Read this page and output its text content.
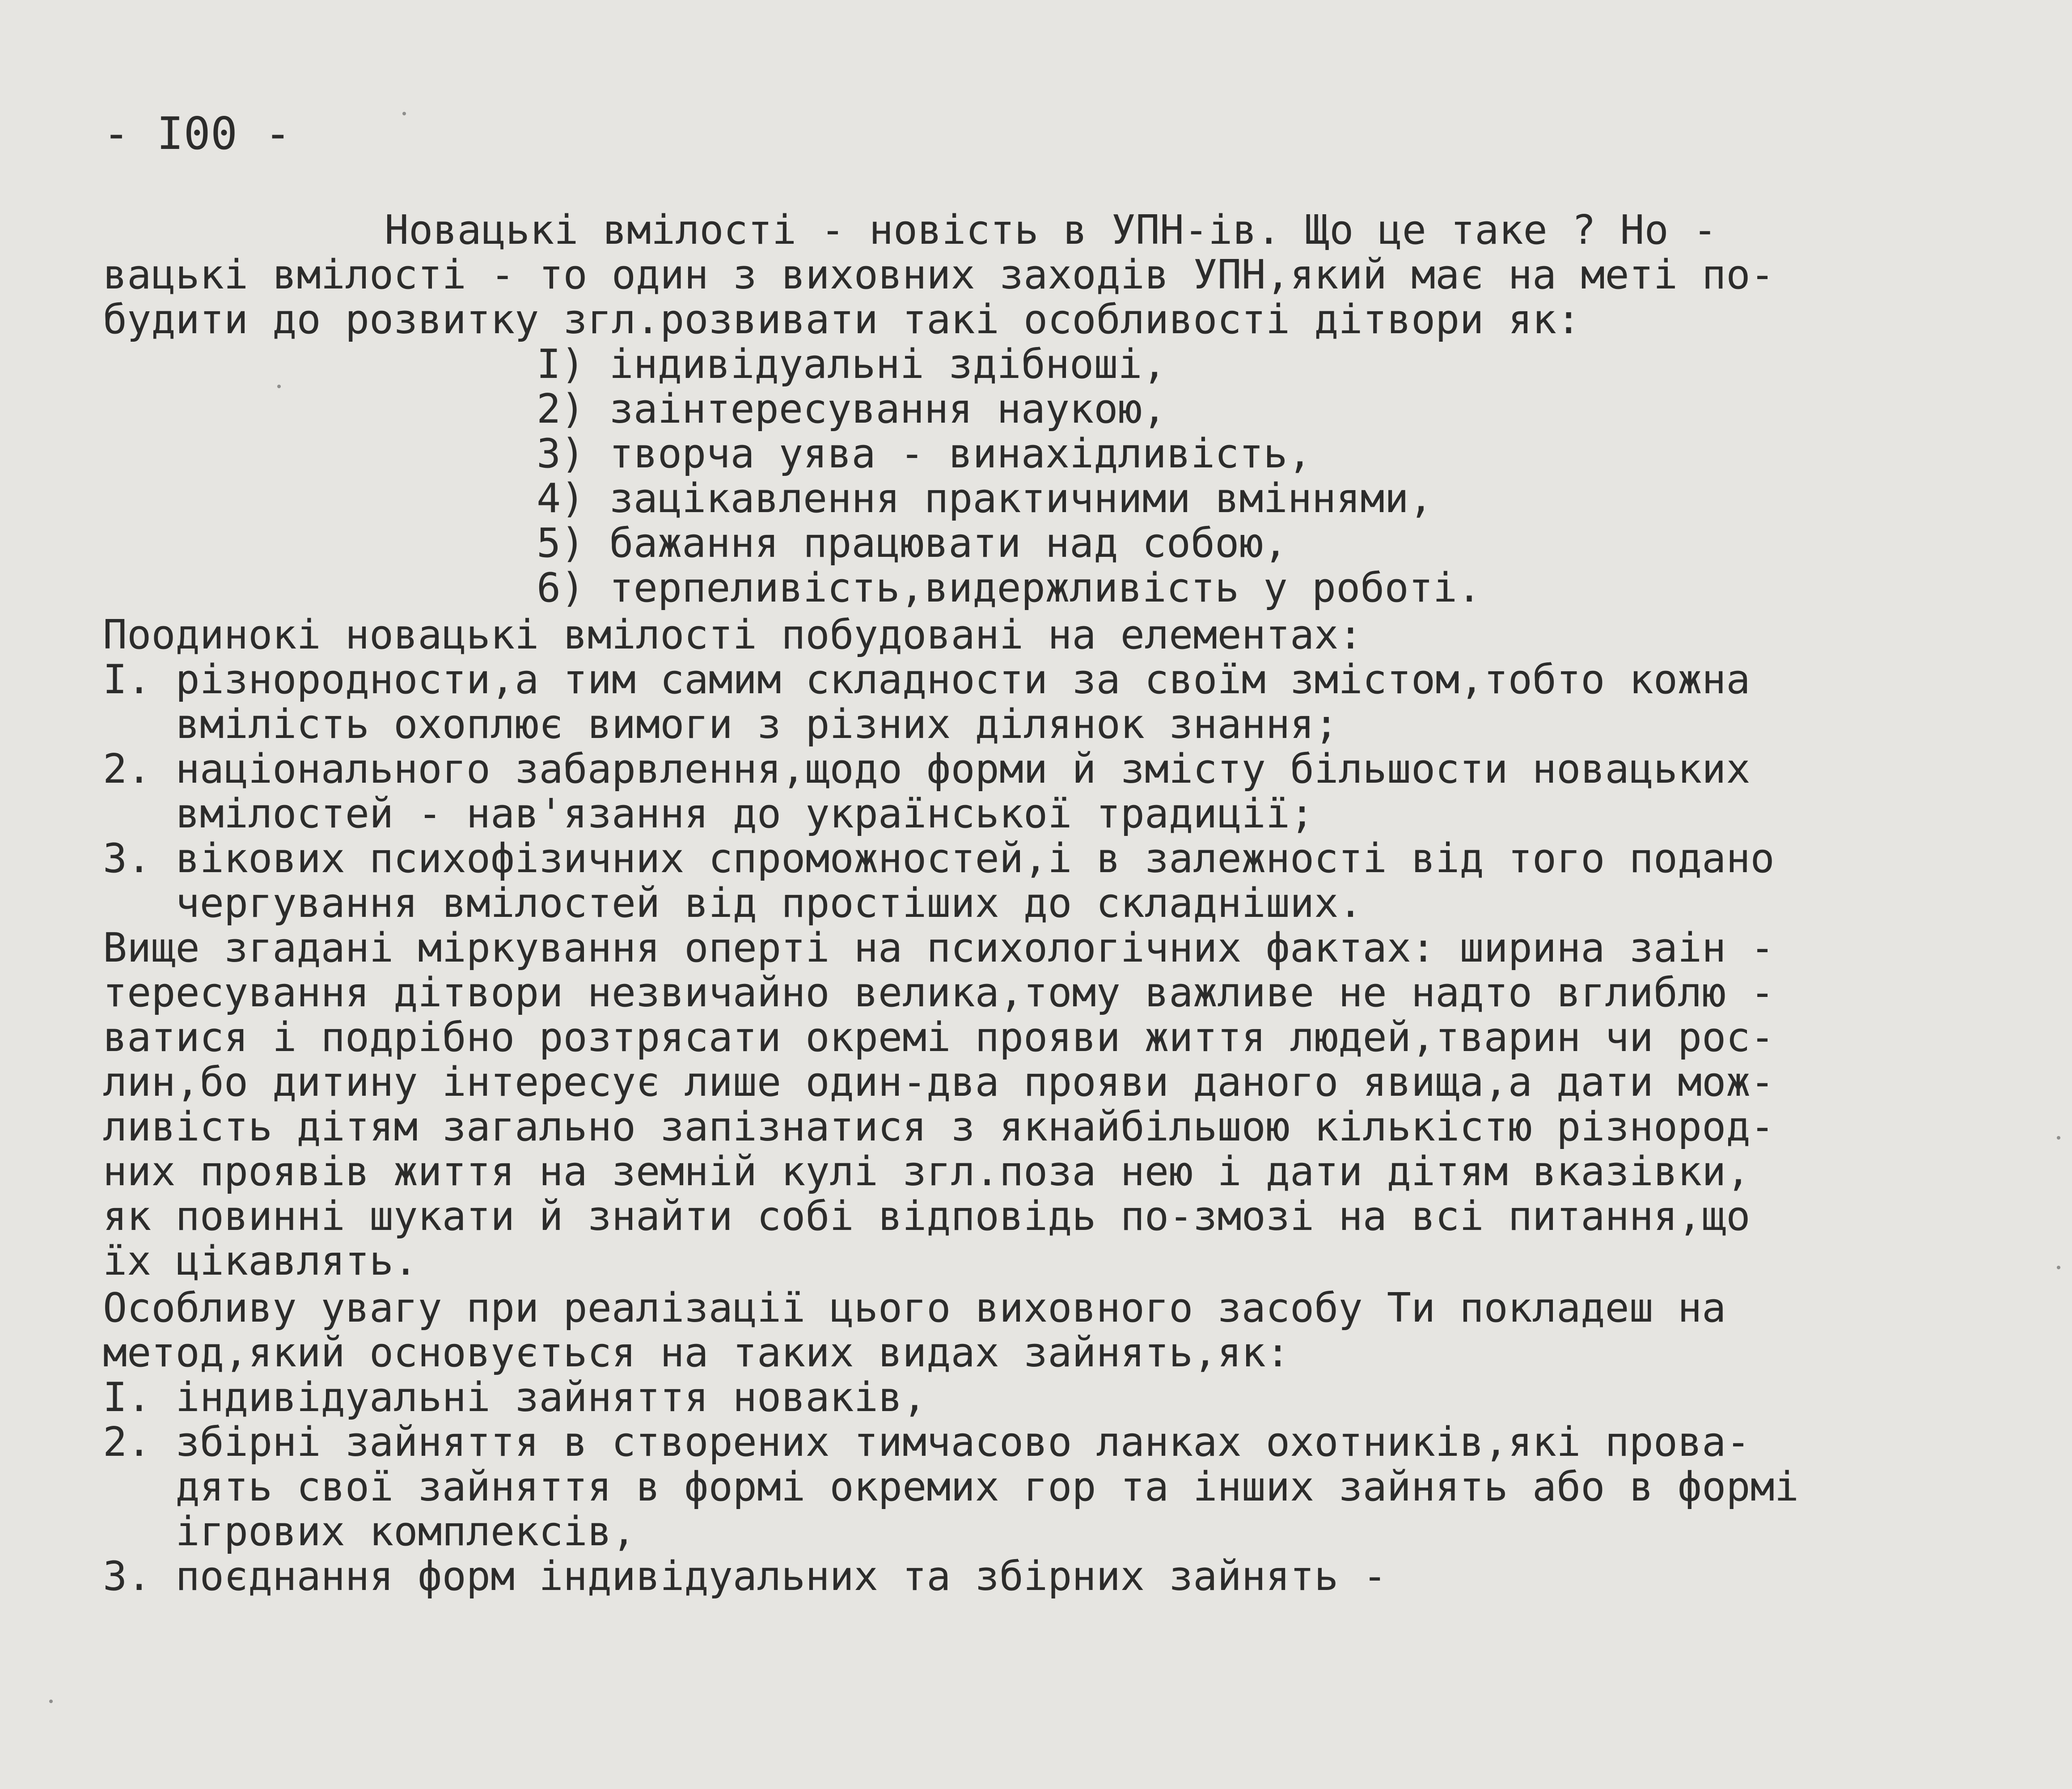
- I00 -
Новацькі вмілості - новість в УПН-ів. Що це таке ? Но -
вацькі вмілості - то один з виховних заходів УПН,який має на меті по-
будити до розвитку згл.розвивати такі особливості дітвори як:
I) індивідуальні здібноші,
2) заінтересування наукою,
3) творча уява - винахідливість,
4) зацікавлення практичними вміннями,
5) бажання працювати над собою,
6) терпеливість,видержливість у роботі.
Поодинокі новацькі вмілості побудовані на елементах:
I. різнородности,а тим самим складности за своїм змістом,тобто кожна
вмілість охоплює вимоги з різних ділянок знання;
2. національного забарвлення,щодо форми й змісту більшости новацьких
вмілостей - нав'язання до української традиції;
3. вікових психофізичних спроможностей,і в залежності від того подано
чергування вмілостей від простіших до складніших.
Вище згадані міркування оперті на психологічних фактах: ширина заін -
тересування дітвори незвичайно велика,тому важливе не надто вглиблю -
ватися і подрібно розтрясати окремі прояви життя людей,тварин чи рос-
лин,бо дитину інтересує лише один-два прояви даного явища,а дати мож-
ливість дітям загально запізнатися з якнайбільшою кількістю різнород-
них проявів життя на земній кулі згл.поза нею і дати дітям вказівки,
як повинні шукати й знайти собі відповідь по-змозі на всі питання,що
їх цікавлять.
Особливу увагу при реалізації цього виховного засобу Ти покладеш на
метод,який основується на таких видах зайнять,як:
I. індивідуальні зайняття новаків,
2. збірні зайняття в створених тимчасово ланках охотників,які прова-
дять свої зайняття в формі окремих гор та інших зайнять або в формі
ігрових комплексів,
3. поєднання форм індивідуальних та збірних зайнять -
